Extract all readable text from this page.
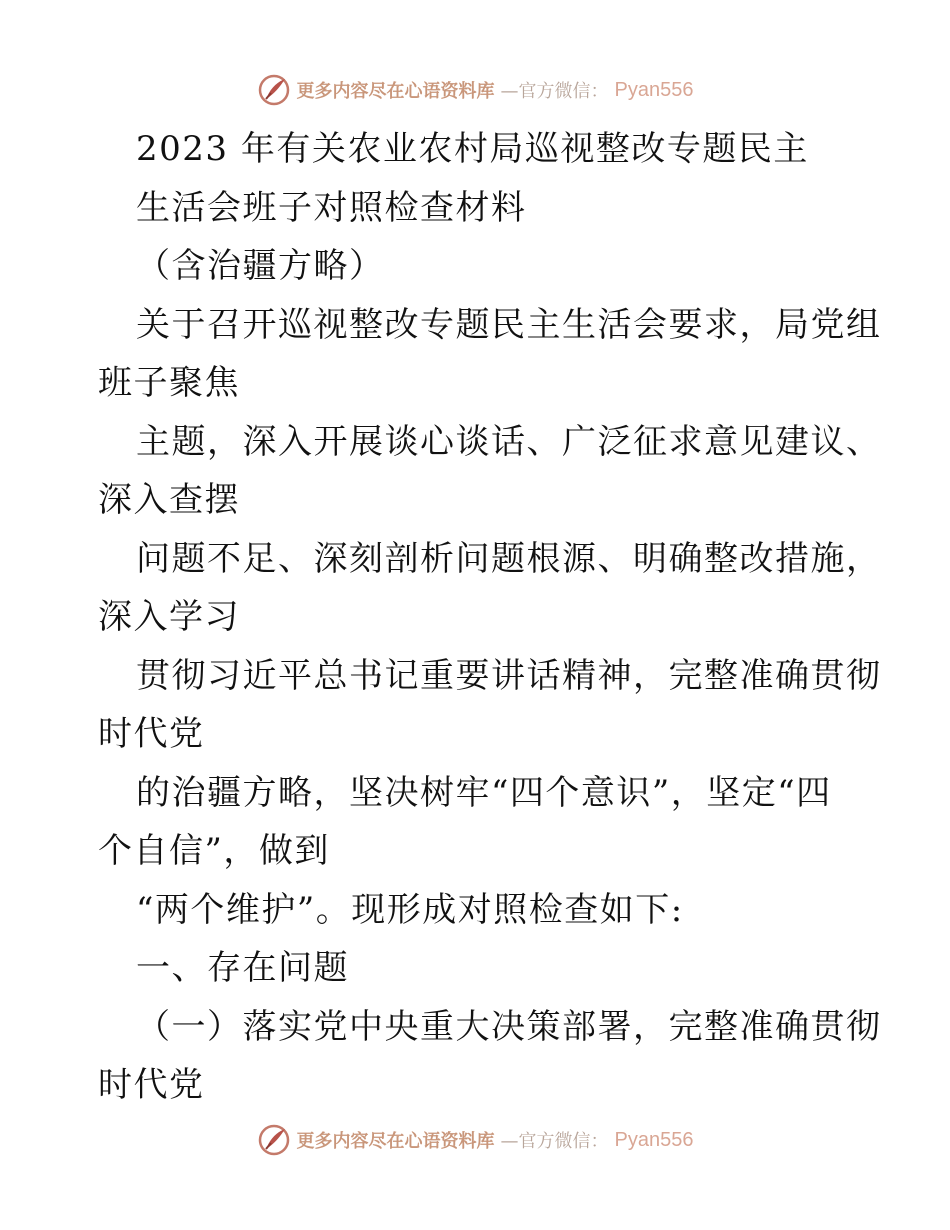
更多内容尽在心语资料库 —官方微信： Pyan556
2023 年有关农业农村局巡视整改专题民主
生活会班子对照检查材料
（含治疆方略）
关于召开巡视整改专题民主生活会要求，局党组
班子聚焦
主题，深入开展谈心谈话、广泛征求意见建议、
深入查摆
问题不足、深刻剖析问题根源、明确整改措施，
深入学习
贯彻习近平总书记重要讲话精神，完整准确贯彻
时代党
的治疆方略，坚决树牢“四个意识”，坚定“四
个自信”，做到
“两个维护”。现形成对照检查如下:
一、存在问题
（一）落实党中央重大决策部署，完整准确贯彻
时代党
更多内容尽在心语资料库 —官方微信： Pyan556
